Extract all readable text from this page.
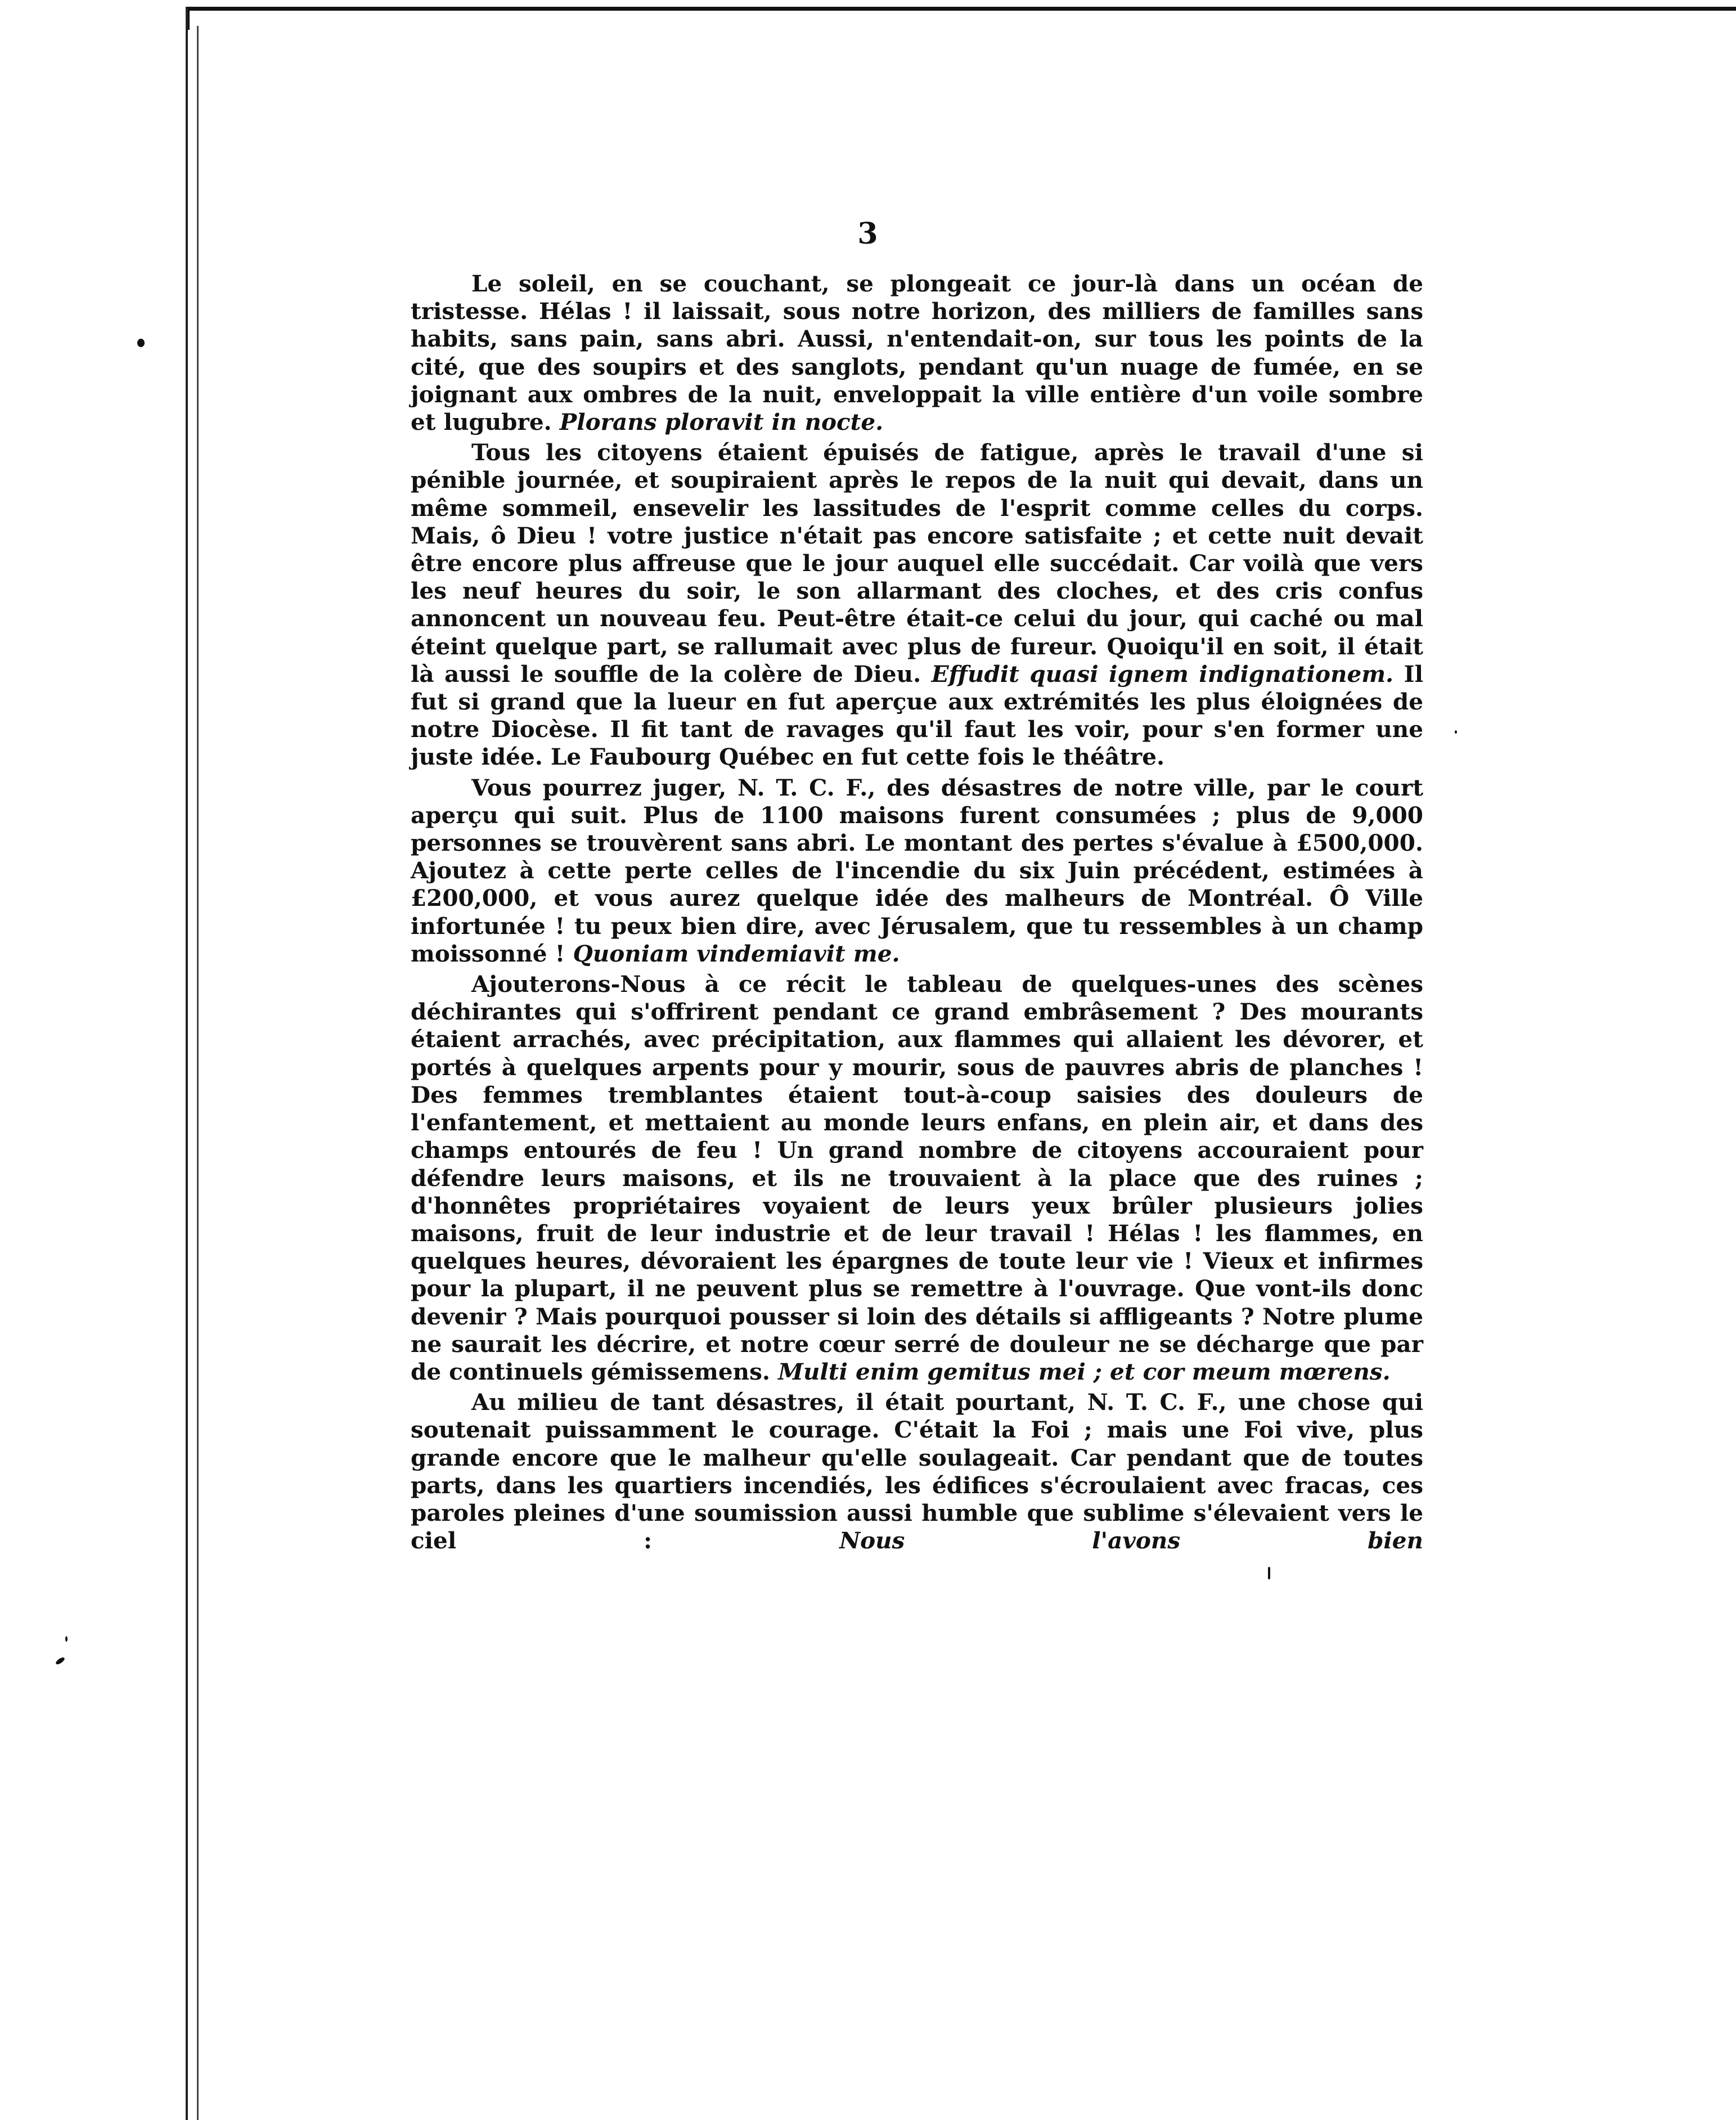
3

Le soleil, en se couchant, se plongeait ce jour-là dans un océan de tristesse. Hélas ! il laissait, sous notre horizon, des milliers de familles sans habits, sans pain, sans abri. Aussi, n'entendait-on, sur tous les points de la cité, que des soupirs et des sanglots, pendant qu'un nuage de fumée, en se joignant aux ombres de la nuit, enveloppait la ville entière d'un voile sombre et lugubre. Plorans ploravit in nocte.

Tous les citoyens étaient épuisés de fatigue, après le travail d'une si pénible journée, et soupiraient après le repos de la nuit qui devait, dans un même sommeil, ensevelir les lassitudes de l'esprit comme celles du corps. Mais, ô Dieu ! votre justice n'était pas encore satisfaite ; et cette nuit devait être encore plus affreuse que le jour auquel elle succédait. Car voilà que vers les neuf heures du soir, le son allarmant des cloches, et des cris confus annoncent un nouveau feu. Peut-être était-ce celui du jour, qui caché ou mal éteint quelque part, se rallumait avec plus de fureur. Quoiqu'il en soit, il était là aussi le souffle de la colère de Dieu. Effudit quasi ignem indignationem. Il fut si grand que la lueur en fut aperçue aux extrémités les plus éloignées de notre Diocèse. Il fit tant de ravages qu'il faut les voir, pour s'en former une juste idée. Le Faubourg Québec en fut cette fois le théâtre.

Vous pourrez juger, N. T. C. F., des désastres de notre ville, par le court aperçu qui suit. Plus de 1100 maisons furent consumées ; plus de 9,000 personnes se trouvèrent sans abri. Le montant des pertes s'évalue à £500,000. Ajoutez à cette perte celles de l'incendie du six Juin précédent, estimées à £200,000, et vous aurez quelque idée des malheurs de Montréal. Ô Ville infortunée ! tu peux bien dire, avec Jérusalem, que tu ressembles à un champ moissonné ! Quoniam vindemiavit me.

Ajouterons-Nous à ce récit le tableau de quelques-unes des scènes déchirantes qui s'offrirent pendant ce grand embrâsement ? Des mourants étaient arrachés, avec précipitation, aux flammes qui allaient les dévorer, et portés à quelques arpents pour y mourir, sous de pauvres abris de planches ! Des femmes tremblantes étaient tout-à-coup saisies des douleurs de l'enfantement, et mettaient au monde leurs enfans, en plein air, et dans des champs entourés de feu ! Un grand nombre de citoyens accouraient pour défendre leurs maisons, et ils ne trouvaient à la place que des ruines ; d'honnêtes propriétaires voyaient de leurs yeux brûler plusieurs jolies maisons, fruit de leur industrie et de leur travail ! Hélas ! les flammes, en quelques heures, dévoraient les épargnes de toute leur vie ! Vieux et infirmes pour la plupart, il ne peuvent plus se remettre à l'ouvrage. Que vont-ils donc devenir ? Mais pourquoi pousser si loin des détails si affligeants ? Notre plume ne saurait les décrire, et notre cœur serré de douleur ne se décharge que par de continuels gémissemens. Multi enim gemitus mei ; et cor meum mœrens.

Au milieu de tant désastres, il était pourtant, N. T. C. F., une chose qui soutenait puissamment le courage. C'était la Foi ; mais une Foi vive, plus grande encore que le malheur qu'elle soulageait. Car pendant que de toutes parts, dans les quartiers incendiés, les édifices s'écroulaient avec fracas, ces paroles pleines d'une soumission aussi humble que sublime s'élevaient vers le ciel : Nous l'avons bien
